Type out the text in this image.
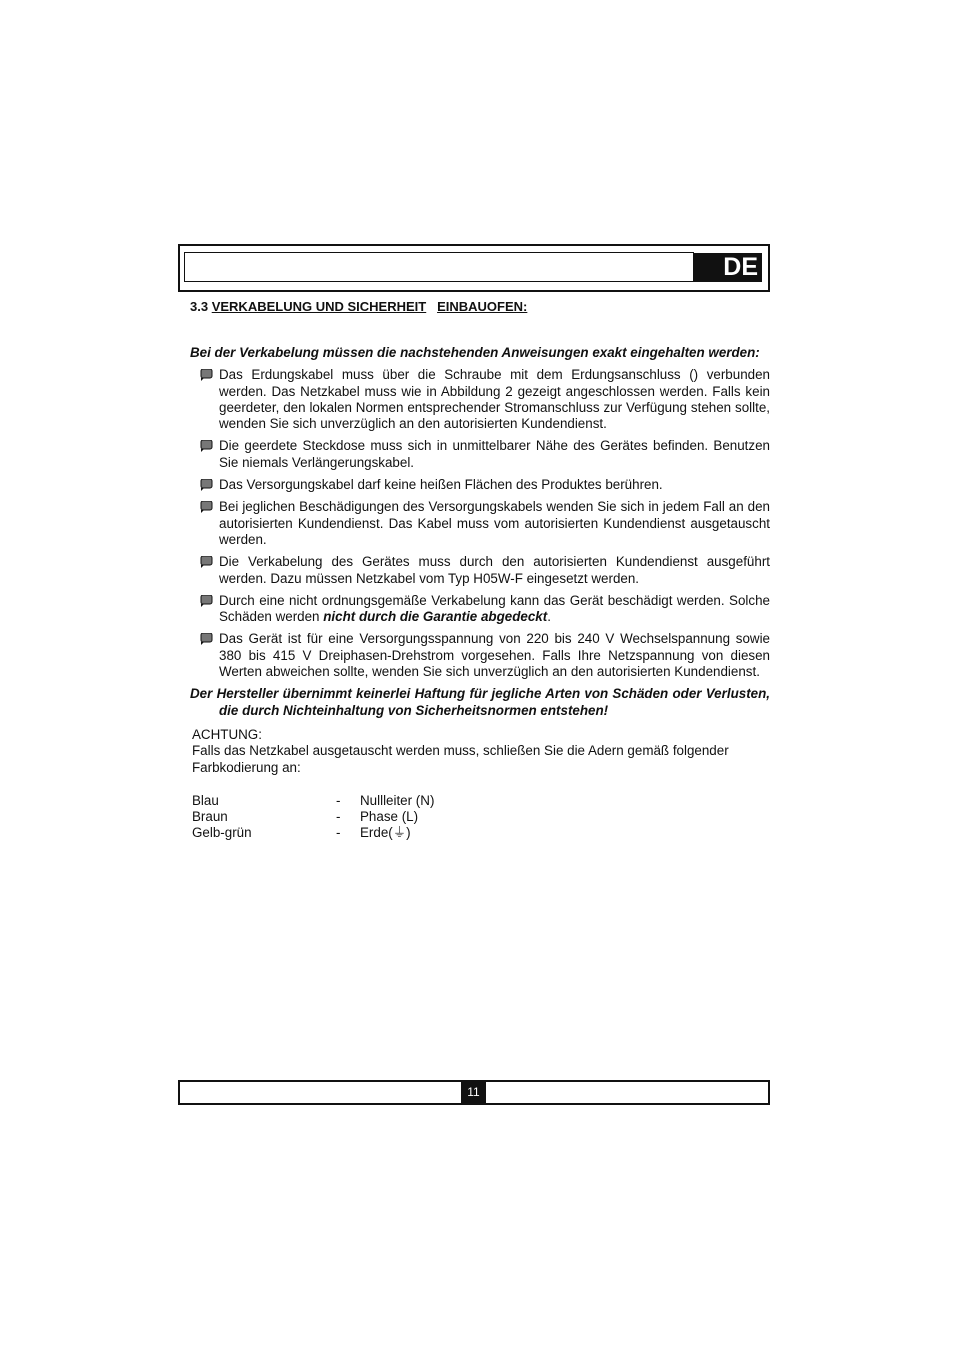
DE
3.3 VERKABELUNG UND SICHERHEIT EINBAUOFEN:

Bei der Verkabelung müssen die nachstehenden Anweisungen exakt eingehalten werden:

Das Erdungskabel muss über die Schraube mit dem Erdungsanschluss () verbunden werden. Das Netzkabel muss wie in Abbildung 2 gezeigt angeschlossen werden. Falls kein geerdeter, den lokalen Normen entsprechender Stromanschluss zur Verfügung stehen sollte, wenden Sie sich unverzüglich an den autorisierten Kundendienst.
Die geerdete Steckdose muss sich in unmittelbarer Nähe des Gerätes befinden. Benutzen Sie niemals Verlängerungskabel.
Das Versorgungskabel darf keine heißen Flächen des Produktes berühren.
Bei jeglichen Beschädigungen des Versorgungskabels wenden Sie sich in jedem Fall an den autorisierten Kundendienst. Das Kabel muss vom autorisierten Kundendienst ausgetauscht werden.
Die Verkabelung des Gerätes muss durch den autorisierten Kundendienst ausgeführt werden. Dazu müssen Netzkabel vom Typ H05W-F eingesetzt werden.
Durch eine nicht ordnungsgemäße Verkabelung kann das Gerät beschädigt werden. Solche Schäden werden nicht durch die Garantie abgedeckt.
Das Gerät ist für eine Versorgungsspannung von 220 bis 240 V Wechselspannung sowie 380 bis 415 V Dreiphasen-Drehstrom vorgesehen. Falls Ihre Netzspannung von diesen Werten abweichen sollte, wenden Sie sich unverzüglich an den autorisierten Kundendienst.

Der Hersteller übernimmt keinerlei Haftung für jegliche Arten von Schäden oder Verlusten, die durch Nichteinhaltung von Sicherheitsnormen entstehen!

ACHTUNG:

Falls das Netzkabel ausgetauscht werden muss, schließen Sie die Adern gemäß folgender Farbkodierung an:

Blau	-	Nullleiter (N)
Braun	-	Phase (L)
Gelb-grün	-	Erde(⏚)
11
